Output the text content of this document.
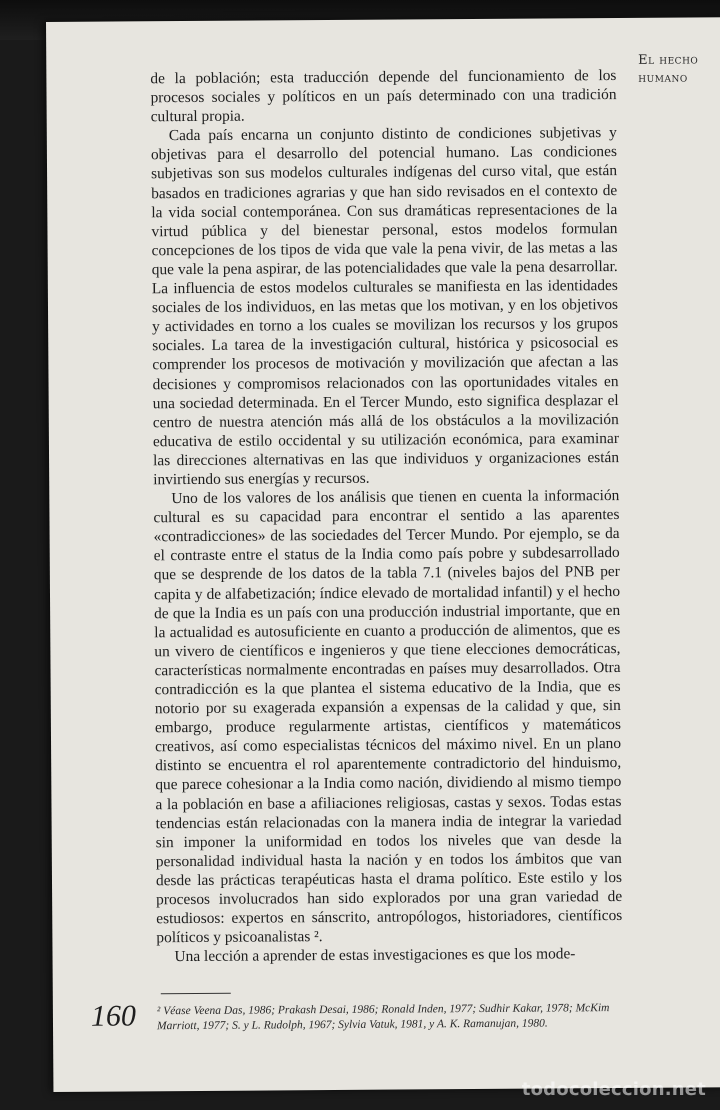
El hecho
humano

de la población; esta traducción depende del funcionamiento de los procesos sociales y políticos en un país determinado con una tradición cultural propia.

Cada país encarna un conjunto distinto de condiciones subjetivas y objetivas para el desarrollo del potencial humano. Las condiciones subjetivas son sus modelos culturales indígenas del curso vital, que están basados en tradiciones agrarias y que han sido revisados en el contexto de la vida social contemporánea. Con sus dramáticas representaciones de la virtud pública y del bienestar personal, estos modelos formulan concepciones de los tipos de vida que vale la pena vivir, de las metas a las que vale la pena aspirar, de las potencialidades que vale la pena desarrollar. La influencia de estos modelos culturales se manifiesta en las identidades sociales de los individuos, en las metas que los motivan, y en los objetivos y actividades en torno a los cuales se movilizan los recursos y los grupos sociales. La tarea de la investigación cultural, histórica y psicosocial es comprender los procesos de motivación y movilización que afectan a las decisiones y compromisos relacionados con las oportunidades vitales en una sociedad determinada. En el Tercer Mundo, esto significa desplazar el centro de nuestra atención más allá de los obstáculos a la movilización educativa de estilo occidental y su utilización económica, para examinar las direcciones alternativas en las que individuos y organizaciones están invirtiendo sus energías y recursos.

Uno de los valores de los análisis que tienen en cuenta la información cultural es su capacidad para encontrar el sentido a las aparentes «contradicciones» de las sociedades del Tercer Mundo. Por ejemplo, se da el contraste entre el status de la India como país pobre y subdesarrollado que se desprende de los datos de la tabla 7.1 (niveles bajos del PNB per capita y de alfabetización; índice elevado de mortalidad infantil) y el hecho de que la India es un país con una producción industrial importante, que en la actualidad es autosuficiente en cuanto a producción de alimentos, que es un vivero de científicos e ingenieros y que tiene elecciones democráticas, características normalmente encontradas en países muy desarrollados. Otra contradicción es la que plantea el sistema educativo de la India, que es notorio por su exagerada expansión a expensas de la calidad y que, sin embargo, produce regularmente artistas, científicos y matemáticos creativos, así como especialistas técnicos del máximo nivel. En un plano distinto se encuentra el rol aparentemente contradictorio del hinduismo, que parece cohesionar a la India como nación, dividiendo al mismo tiempo a la población en base a afiliaciones religiosas, castas y sexos. Todas estas tendencias están relacionadas con la manera india de integrar la variedad sin imponer la uniformidad en todos los niveles que van desde la personalidad individual hasta la nación y en todos los ámbitos que van desde las prácticas terapéuticas hasta el drama político. Este estilo y los procesos involucrados han sido explorados por una gran variedad de estudiosos: expertos en sánscrito, antropólogos, historiadores, científicos políticos y psicoanalistas ².

Una lección a aprender de estas investigaciones es que los mode-

160 ² Véase Veena Das, 1986; Prakash Desai, 1986; Ronald Inden, 1977; Sudhir Kakar, 1978; McKim Marriott, 1977; S. y L. Rudolph, 1967; Sylvia Vatuk, 1981, y A. K. Ramanujan, 1980.
todocoleccion.net
